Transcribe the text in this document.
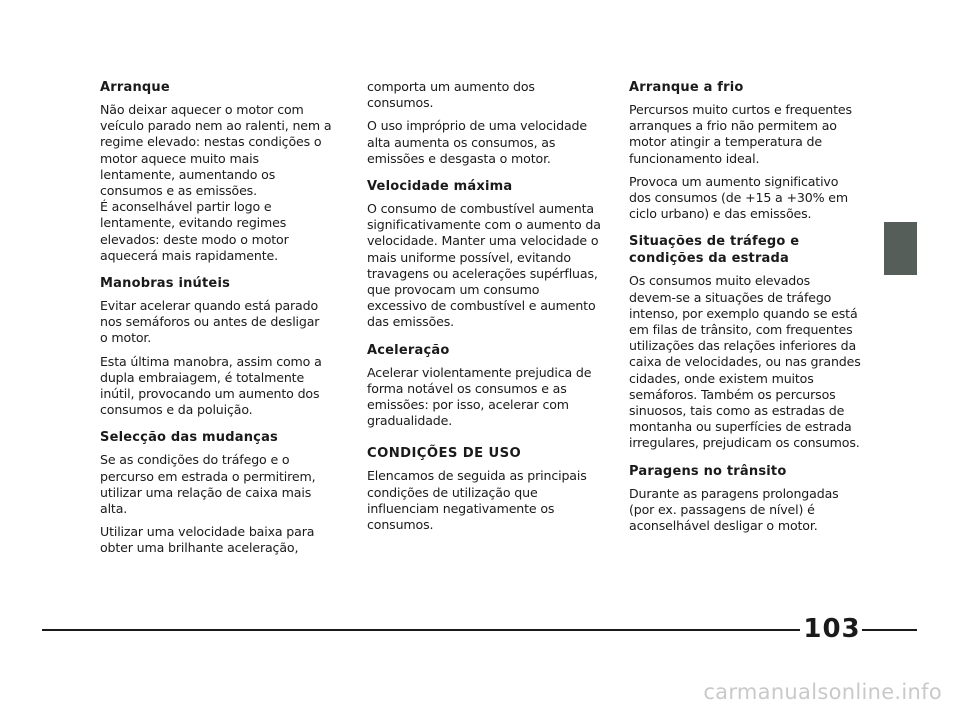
Arranque

Não deixar aquecer o motor com
veículo parado nem ao ralenti, nem a
regime elevado: nestas condições o
motor aquece muito mais
lentamente, aumentando os
consumos e as emissões.
É aconselhável partir logo e
lentamente, evitando regimes
elevados: deste modo o motor
aquecerá mais rapidamente.

Manobras inúteis

Evitar acelerar quando está parado
nos semáforos ou antes de desligar
o motor.

Esta última manobra, assim como a
dupla embraiagem, é totalmente
inútil, provocando um aumento dos
consumos e da poluição.

Selecção das mudanças

Se as condições do tráfego e o
percurso em estrada o permitirem,
utilizar uma relação de caixa mais
alta.

Utilizar uma velocidade baixa para
obter uma brilhante aceleração,

comporta um aumento dos
consumos.

O uso impróprio de uma velocidade
alta aumenta os consumos, as
emissões e desgasta o motor.

Velocidade máxima

O consumo de combustível aumenta
significativamente com o aumento da
velocidade. Manter uma velocidade o
mais uniforme possível, evitando
travagens ou acelerações supérfluas,
que provocam um consumo
excessivo de combustível e aumento
das emissões.

Aceleração

Acelerar violentamente prejudica de
forma notável os consumos e as
emissões: por isso, acelerar com
gradualidade.

CONDIÇÕES DE USO

Elencamos de seguida as principais
condições de utilização que
influenciam negativamente os
consumos.

Arranque a frio

Percursos muito curtos e frequentes
arranques a frio não permitem ao
motor atingir a temperatura de
funcionamento ideal.

Provoca um aumento significativo
dos consumos (de +15 a +30% em
ciclo urbano) e das emissões.

Situações de tráfego e
condições da estrada

Os consumos muito elevados
devem-se a situações de tráfego
intenso, por exemplo quando se está
em filas de trânsito, com frequentes
utilizações das relações inferiores da
caixa de velocidades, ou nas grandes
cidades, onde existem muitos
semáforos. Também os percursos
sinuosos, tais como as estradas de
montanha ou superfícies de estrada
irregulares, prejudicam os consumos.

Paragens no trânsito

Durante as paragens prolongadas
(por ex. passagens de nível) é
aconselhável desligar o motor.

103
carmanualsonline.info
